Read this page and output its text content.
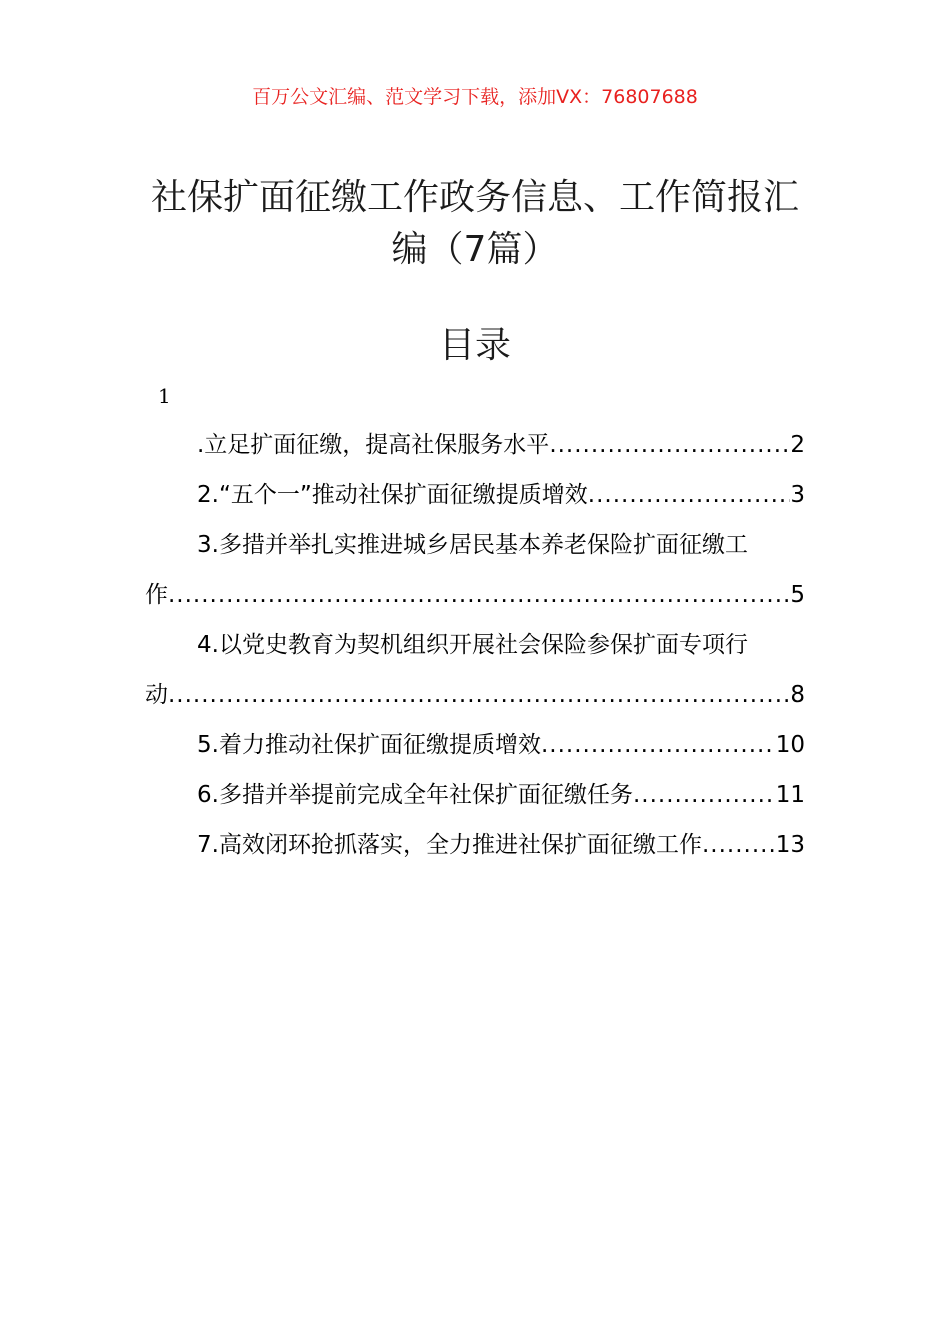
百万公文汇编、范文学习下载，添加VX：76807688
社保扩面征缴工作政务信息、工作简报汇编（7篇）
目录
1
.立足扩面征缴，提高社保服务水平 .....	2
2.“五个一”推动社保扩面征缴提质增效 .....	3
3.多措并举扎实推进城乡居民基本养老保险扩面征缴工
作 .....	5
4.以党史教育为契机组织开展社会保险参保扩面专项行
动 .....	8
5.着力推动社保扩面征缴提质增效 .....	10
6.多措并举提前完成全年社保扩面征缴任务 .....	11
7.高效闭环抢抓落实，全力推进社保扩面征缴工作 .....	13
